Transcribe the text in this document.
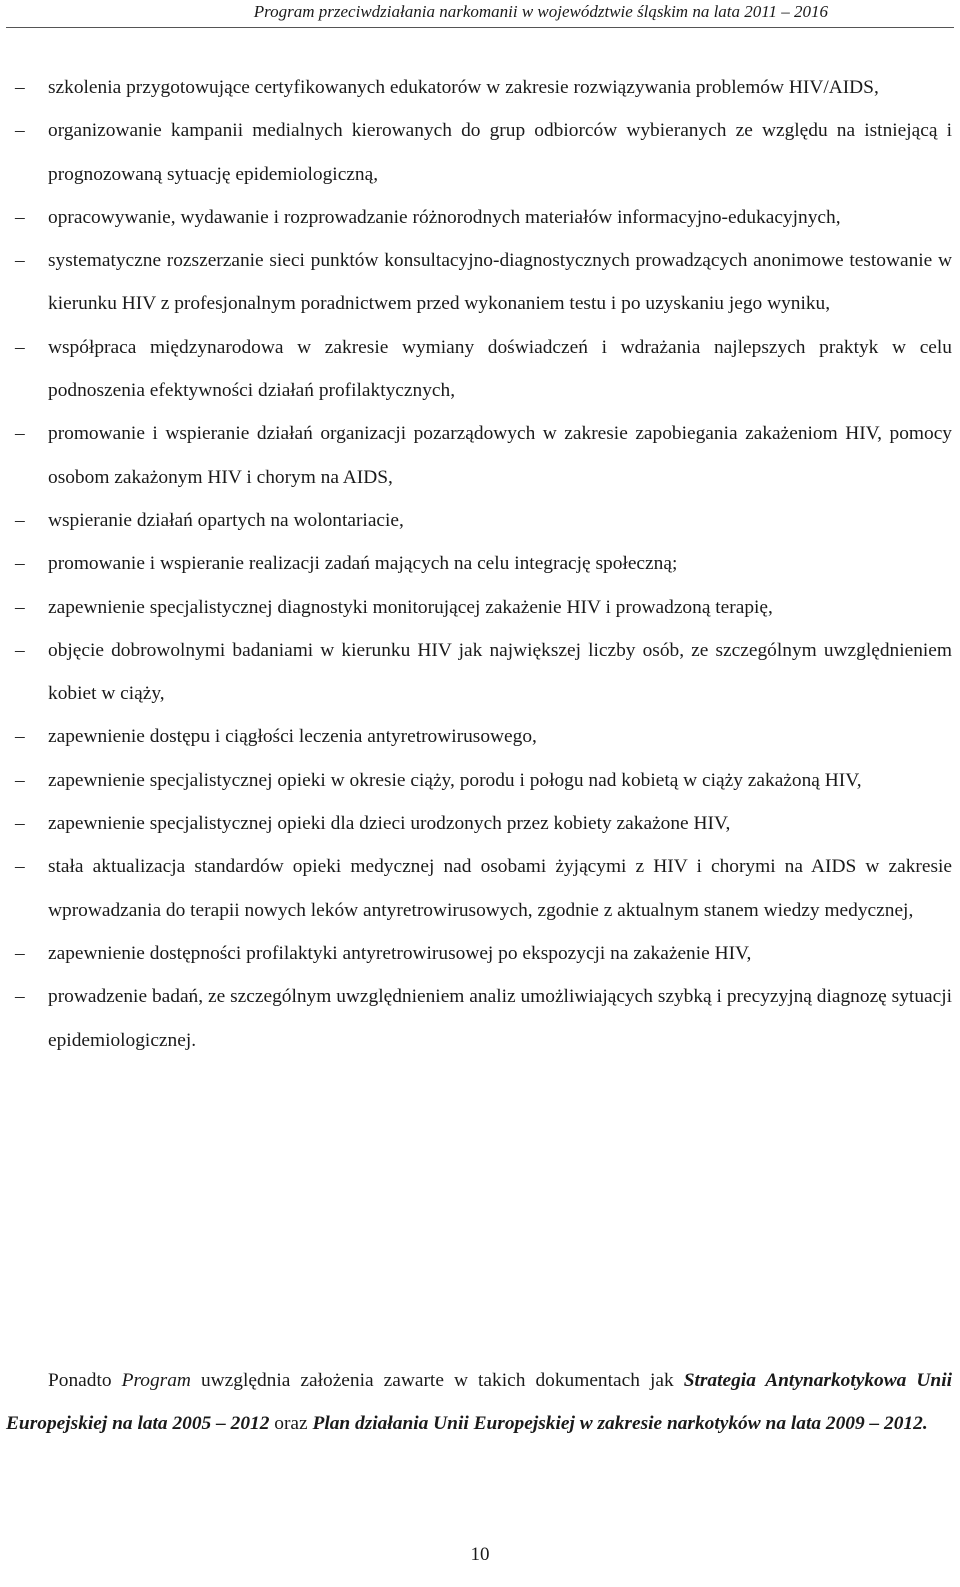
Program przeciwdziałania narkomanii w województwie śląskim na lata 2011 – 2016
–	szkolenia przygotowujące certyfikowanych edukatorów w zakresie rozwiązywania problemów HIV/AIDS,
–	organizowanie kampanii medialnych kierowanych do grup odbiorców wybieranych ze względu na istniejącą i prognozowaną sytuację epidemiologiczną,
–	opracowywanie, wydawanie i rozprowadzanie różnorodnych materiałów informacyjno-edukacyjnych,
–	systematyczne rozszerzanie sieci punktów konsultacyjno-diagnostycznych prowadzących anonimowe testowanie w kierunku HIV z profesjonalnym poradnictwem przed wykonaniem testu i po uzyskaniu jego wyniku,
–	współpraca międzynarodowa w zakresie wymiany doświadczeń i wdrażania najlepszych praktyk w celu podnoszenia efektywności działań profilaktycznych,
–	promowanie i wspieranie działań organizacji pozarządowych w zakresie zapobiegania zakażeniom HIV, pomocy osobom zakażonym HIV i chorym na AIDS,
–	wspieranie działań opartych na wolontariacie,
–	promowanie i wspieranie realizacji zadań mających na celu integrację społeczną;
–	zapewnienie specjalistycznej diagnostyki monitorującej zakażenie HIV i prowadzoną terapię,
–	objęcie dobrowolnymi badaniami w kierunku HIV jak największej liczby osób, ze szczególnym uwzględnieniem kobiet w ciąży,
–	zapewnienie dostępu i ciągłości leczenia antyretrowirusowego,
–	zapewnienie specjalistycznej opieki w okresie ciąży, porodu i połogu nad kobietą w ciąży zakażoną HIV,
–	zapewnienie specjalistycznej opieki dla dzieci urodzonych przez kobiety zakażone HIV,
–	stała aktualizacja standardów opieki medycznej nad osobami żyjącymi z HIV i chorymi na AIDS w zakresie wprowadzania do terapii nowych leków antyretrowirusowych, zgodnie z aktualnym stanem wiedzy medycznej,
–	zapewnienie dostępności profilaktyki antyretrowirusowej po ekspozycji na zakażenie HIV,
–	prowadzenie badań, ze szczególnym uwzględnieniem analiz umożliwiających szybką i precyzyjną diagnozę sytuacji epidemiologicznej.

Ponadto Program uwzględnia założenia zawarte w takich dokumentach jak Strategia Antynarkotykowa Unii Europejskiej na lata 2005 – 2012 oraz Plan działania Unii Europejskiej w zakresie narkotyków na lata 2009 – 2012.

10
